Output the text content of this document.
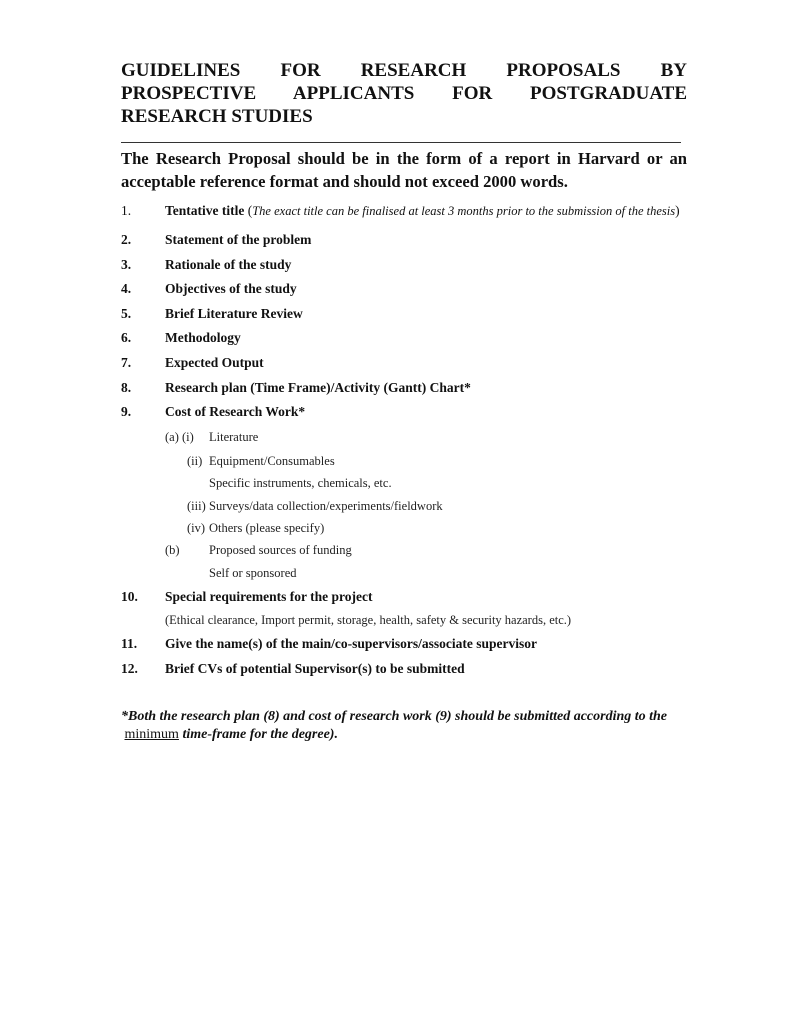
GUIDELINES FOR RESEARCH PROPOSALS BY
PROSPECTIVE APPLICANTS FOR POSTGRADUATE
RESEARCH STUDIES
The Research Proposal should be in the form of a report in Harvard or an acceptable reference format and should not exceed 2000 words.
1.	Tentative title (The exact title can be finalised at least 3 months prior to the submission of the thesis)
2.	Statement of the problem
3.	Rationale of the study
4.	Objectives of the study
5.	Brief Literature Review
6.	Methodology
7.	Expected Output
8.	Research plan (Time Frame)/Activity (Gantt) Chart*
9.	Cost of Research Work*
(a) (i) Literature
(ii) Equipment/Consumables
Specific instruments, chemicals, etc.
(iii) Surveys/data collection/experiments/fieldwork
(iv) Others (please specify)
(b) Proposed sources of funding
Self or sponsored
10. Special requirements for the project
(Ethical clearance, Import permit, storage, health, safety & security hazards, etc.)
11. Give the name(s) of the main/co-supervisors/associate supervisor
12. Brief CVs of potential Supervisor(s) to be submitted
*Both the research plan (8) and cost of research work (9) should be submitted according to the  minimum time-frame for the degree).
